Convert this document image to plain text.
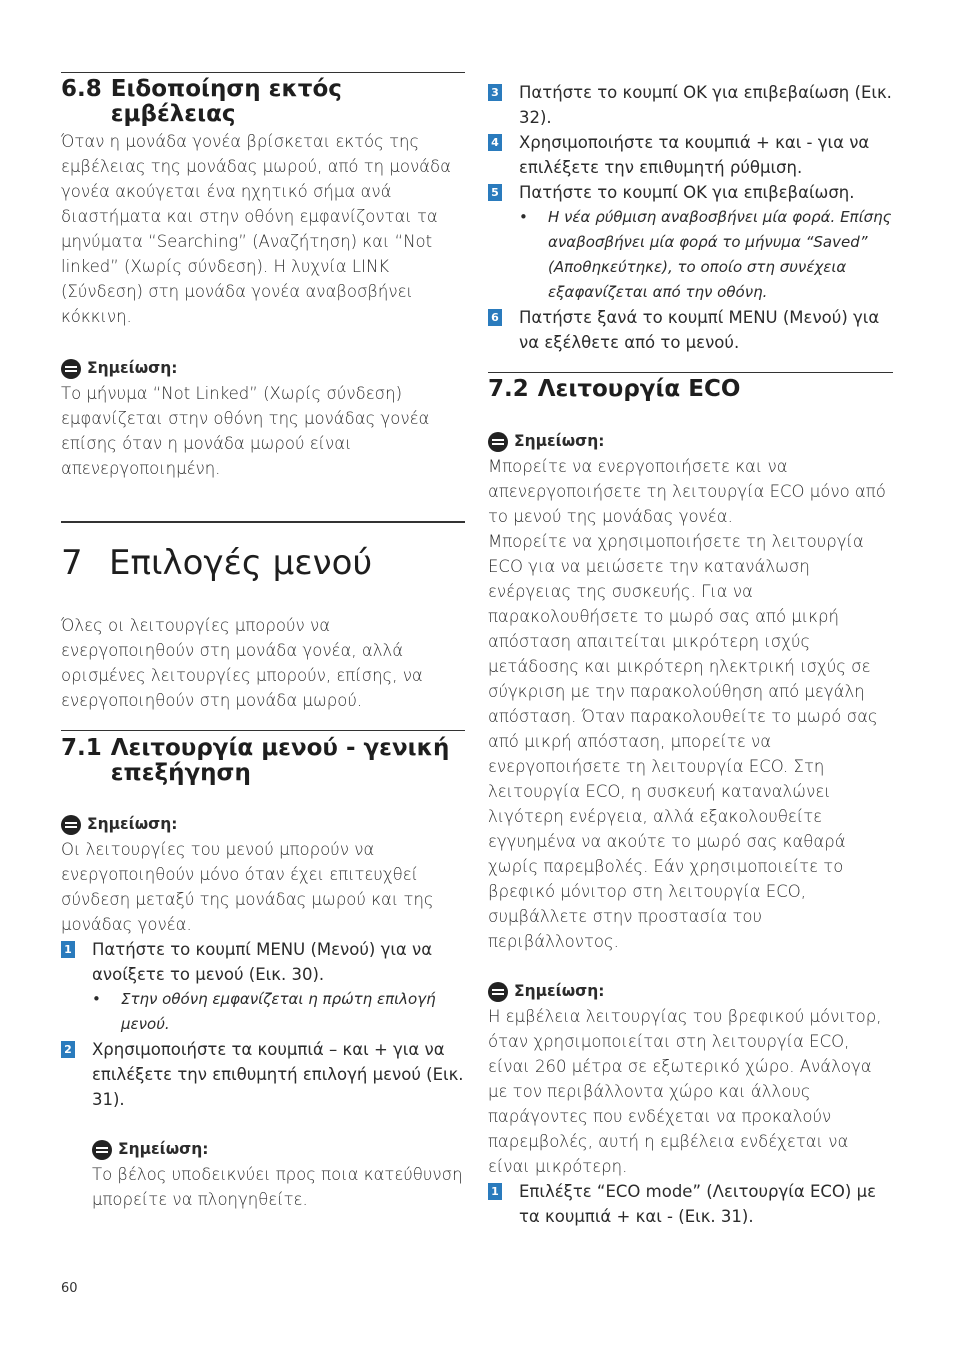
6.8 Ειδοποίηση εκτός εμβέλειας

Όταν η μονάδα γονέα βρίσκεται εκτός της εμβέλειας της μονάδας μωρού, από τη μονάδα γονέα ακούγεται ένα ηχητικό σήμα ανά διαστήματα και στην οθόνη εμφανίζονται τα μηνύματα “Searching” (Αναζήτηση) και “Not linked” (Χωρίς σύνδεση). Η λυχνία LINK (Σύνδεση) στη μονάδα γονέα αναβοσβήνει κόκκινη.

Σημείωση:

Το μήνυμα “Not Linked” (Χωρίς σύνδεση) εμφανίζεται στην οθόνη της μονάδας γονέα επίσης όταν η μονάδα μωρού είναι απενεργοποιημένη.

7 Επιλογές μενού

Όλες οι λειτουργίες μπορούν να ενεργοποιηθούν στη μονάδα γονέα, αλλά ορισμένες λειτουργίες μπορούν, επίσης, να ενεργοποιηθούν στη μονάδα μωρού.

7.1 Λειτουργία μενού - γενική επεξήγηση
Σημείωση:

Οι λειτουργίες του μενού μπορούν να ενεργοποιηθούν μόνο όταν έχει επιτευχθεί σύνδεση μεταξύ της μονάδας μωρού και της μονάδας γονέα.

1 Πατήστε το κουμπί MENU (Μενού) για να ανοίξετε το μενού (Εικ. 30).
•	Στην οθόνη εμφανίζεται η πρώτη επιλογή μενού.
2 Χρησιμοποιήστε τα κουμπιά – και + για να επιλέξετε την επιθυμητή επιλογή μενού (Εικ. 31).
Σημείωση:

Το βέλος υποδεικνύει προς ποια κατεύθυνση μπορείτε να πλοηγηθείτε.

3 Πατήστε το κουμπί OK για επιβεβαίωση (Εικ. 32).
4 Χρησιμοποιήστε τα κουμπιά + και - για να επιλέξετε την επιθυμητή ρύθμιση.
5 Πατήστε το κουμπί OK για επιβεβαίωση.
•	Η νέα ρύθμιση αναβοσβήνει μία φορά. Επίσης αναβοσβήνει μία φορά το μήνυμα “Saved” (Αποθηκεύτηκε), το οποίο στη συνέχεια εξαφανίζεται από την οθόνη.
6 Πατήστε ξανά το κουμπί MENU (Μενού) για να εξέλθετε από το μενού.
7.2 Λειτουργία ECO
Σημείωση:

Μπορείτε να ενεργοποιήσετε και να απενεργοποιήσετε τη λειτουργία ECO μόνο από το μενού της μονάδας γονέα.

Μπορείτε να χρησιμοποιήσετε τη λειτουργία ECO για να μειώσετε την κατανάλωση ενέργειας της συσκευής. Για να παρακολουθήσετε το μωρό σας από μικρή απόσταση απαιτείται μικρότερη ισχύς μετάδοσης και μικρότερη ηλεκτρική ισχύς σε σύγκριση με την παρακολούθηση από μεγάλη απόσταση. Όταν παρακολουθείτε το μωρό σας από μικρή απόσταση, μπορείτε να ενεργοποιήσετε τη λειτουργία ECO. Στη λειτουργία ECO, η συσκευή καταναλώνει λιγότερη ενέργεια, αλλά εξακολουθείτε εγγυημένα να ακούτε το μωρό σας καθαρά χωρίς παρεμβολές. Εάν χρησιμοποιείτε το βρεφικό μόνιτορ στη λειτουργία ECO, συμβάλλετε στην προστασία του περιβάλλοντος.

Σημείωση:

Η εμβέλεια λειτουργίας του βρεφικού μόνιτορ, όταν χρησιμοποιείται στη λειτουργία ECO, είναι 260 μέτρα σε εξωτερικό χώρο. Ανάλογα με τον περιβάλλοντα χώρο και άλλους παράγοντες που ενδέχεται να προκαλούν παρεμβολές, αυτή η εμβέλεια ενδέχεται να είναι μικρότερη.

1 Επιλέξτε “ECO mode” (Λειτουργία ECO) με τα κουμπιά + και - (Εικ. 31).
60
